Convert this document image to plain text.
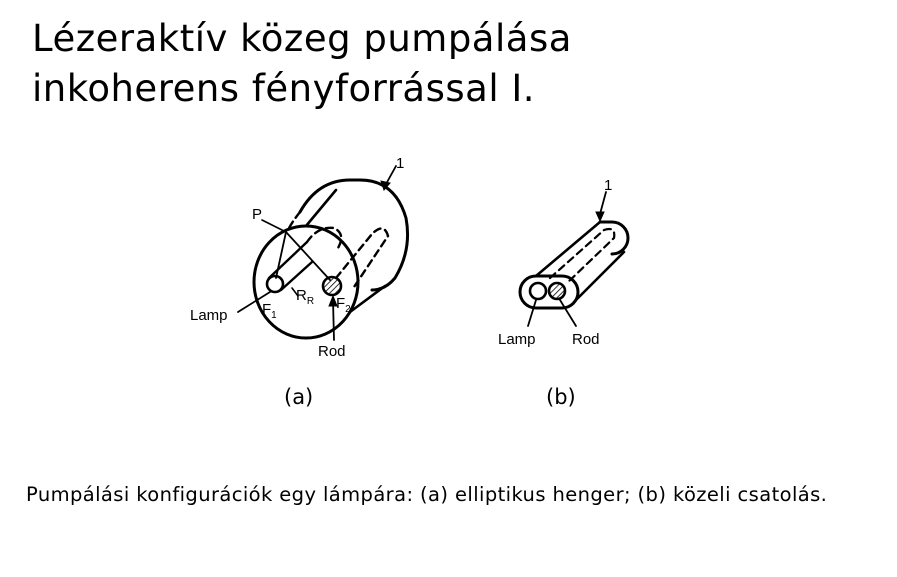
Lézeraktív közeg pumpálása
inkoherens fényforrással I.
1
P
Lamp $F_1$
$R_R$ $F_2$
Rod
1
Lamp Rod
(a)	(b)
Pumpálási konfigurációk egy lámpára: (a) elliptikus henger; (b) közeli csatolás.
